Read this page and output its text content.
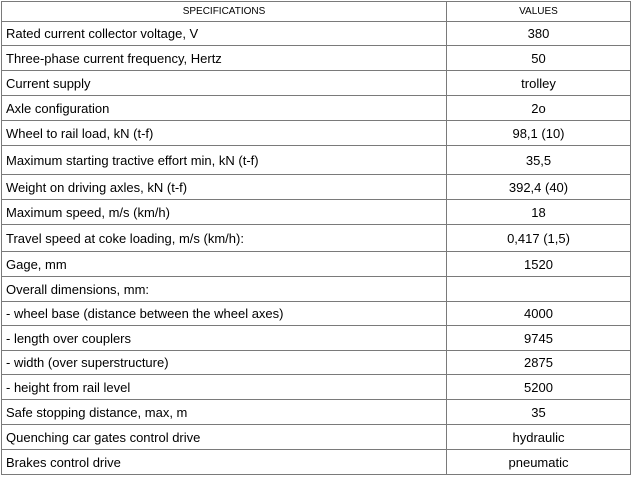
SPECIFICATIONS	VALUES
Rated current collector voltage, V	380
Three-phase current frequency, Hertz	50
Current supply	trolley
Axle configuration	2o
Wheel to rail load, kN (t-f)	98,1 (10)
Maximum starting tractive effort min, kN (t-f)	35,5
Weight on driving axles, kN (t-f)	392,4 (40)
Maximum speed, m/s (km/h)	18
Travel speed at coke loading, m/s (km/h):	0,417 (1,5)
Gage, mm	1520
Overall dimensions, mm:	
- wheel base (distance between the wheel axes)	4000
- length over couplers	9745
- width (over superstructure)	2875
- height from rail level	5200
Safe stopping distance, max, m	35
Quenching car gates control drive	hydraulic
Brakes control drive	pneumatic
